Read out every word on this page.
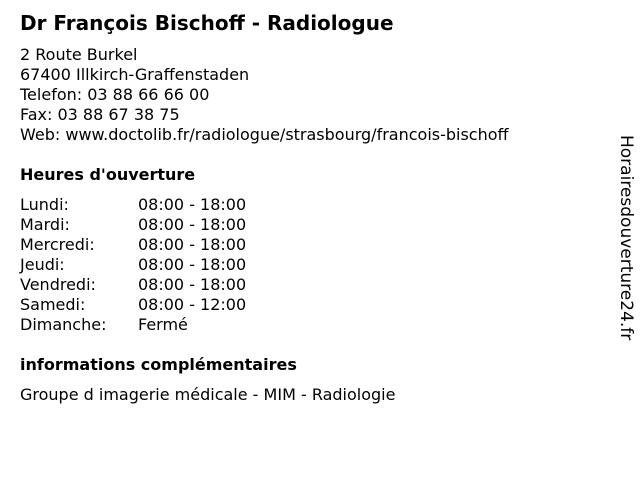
Dr François Bischoff - Radiologue
2 Route Burkel
67400 Illkirch-Graffenstaden
Telefon: 03 88 66 66 00
Fax: 03 88 67 38 75
Web: www.doctolib.fr/radiologue/strasbourg/francois-bischoff
Heures d'ouverture
Lundi:	08:00 - 18:00
Mardi:	08:00 - 18:00
Mercredi:	08:00 - 18:00
Jeudi:	08:00 - 18:00
Vendredi:	08:00 - 18:00
Samedi:	08:00 - 12:00
Dimanche:	Fermé
informations complémentaires
Groupe d imagerie médicale - MIM - Radiologie
Horairesdouverture24.fr
